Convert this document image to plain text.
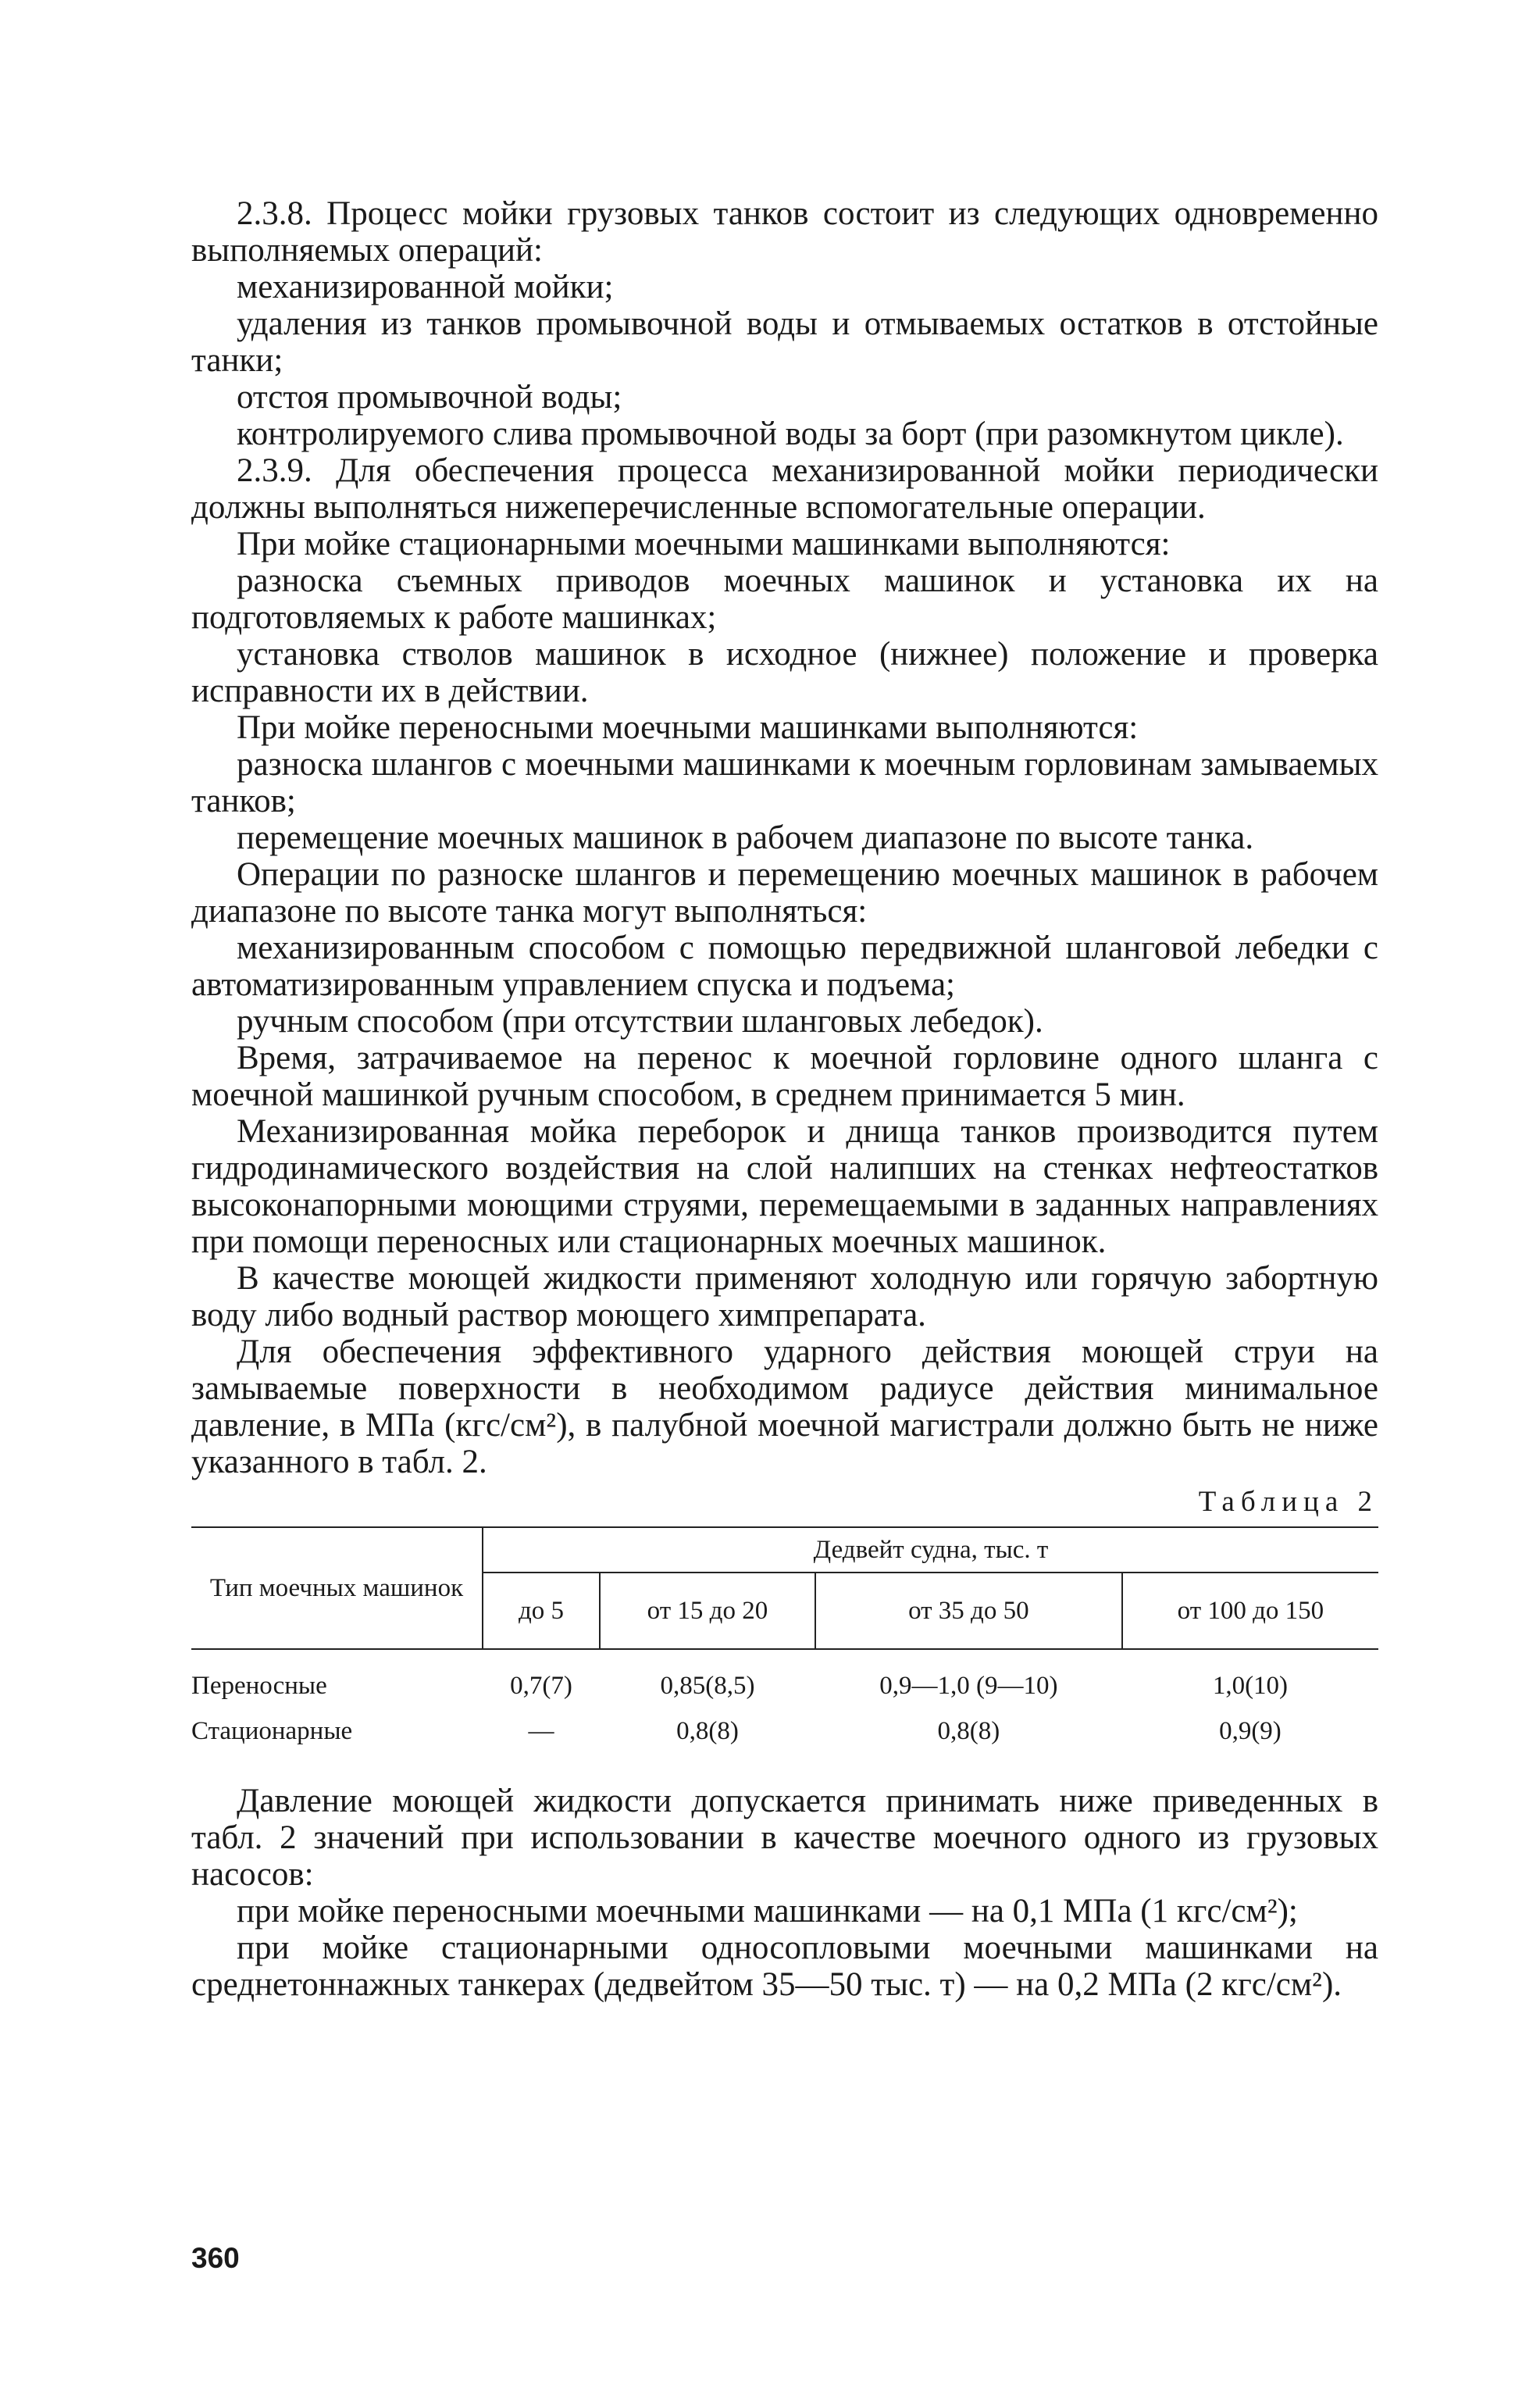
2.3.8. Процесс мойки грузовых танков состоит из следующих одновременно выполняемых операций:

механизированной мойки;

удаления из танков промывочной воды и отмываемых остатков в отстойные танки;

отстоя промывочной воды;

контролируемого слива промывочной воды за борт (при разомкнутом цикле).

2.3.9. Для обеспечения процесса механизированной мойки периодически должны выполняться нижеперечисленные вспомогательные операции.

При мойке стационарными моечными машинками выполняются:

разноска съемных приводов моечных машинок и установка их на подготовляемых к работе машинках;

установка стволов машинок в исходное (нижнее) положение и проверка исправности их в действии.

При мойке переносными моечными машинками выполняются:

разноска шлангов с моечными машинками к моечным горловинам замываемых танков;

перемещение моечных машинок в рабочем диапазоне по высоте танка.

Операции по разноске шлангов и перемещению моечных машинок в рабочем диапазоне по высоте танка могут выполняться:

механизированным способом с помощью передвижной шланговой лебедки с автоматизированным управлением спуска и подъема;

ручным способом (при отсутствии шланговых лебедок).

Время, затрачиваемое на перенос к моечной горловине одного шланга с моечной машинкой ручным способом, в среднем принимается 5 мин.

Механизированная мойка переборок и днища танков производится путем гидродинамического воздействия на слой налипших на стенках нефтеостатков высоконапорными моющими струями, перемещаемыми в заданных направлениях при помощи переносных или стационарных моечных машинок.

В качестве моющей жидкости применяют холодную или горячую забортную воду либо водный раствор моющего химпрепарата.

Для обеспечения эффективного ударного действия моющей струи на замываемые поверхности в необходимом радиусе действия минимальное давление, в МПа (кгс/см²), в палубной моечной магистрали должно быть не ниже указанного в табл. 2.

Таблица 2
Тип моечных машинок	Дедвейт судна, тыс. т			
	до 5	от 15 до 20	от 35 до 50	от 100 до 150
Переносные	0,7(7)	0,85(8,5)	0,9—1,0 (9—10)	1,0(10)
Стационарные	—	0,8(8)	0,8(8)	0,9(9)

Давление моющей жидкости допускается принимать ниже приведенных в табл. 2 значений при использовании в качестве моечного одного из грузовых насосов:

при мойке переносными моечными машинками — на 0,1 МПа (1 кгс/см²);

при мойке стационарными односопловыми моечными машинками на среднетоннажных танкерах (дедвейтом 35—50 тыс. т) — на 0,2 МПа (2 кгс/см²).

360
